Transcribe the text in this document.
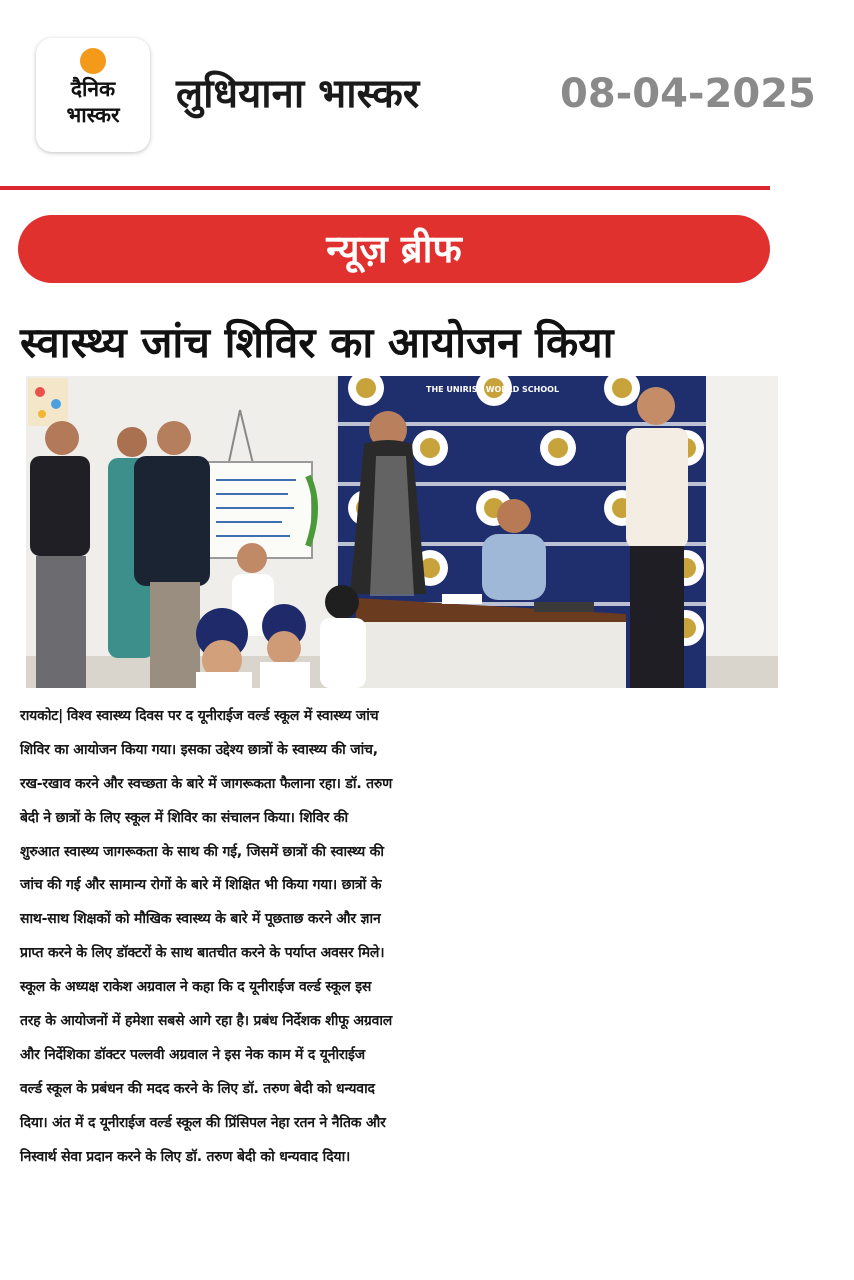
दैनिक
भास्कर	लुधियाना भास्कर	08-04-2025
न्यूज़ ब्रीफ
स्वास्थ्य जांच शिविर का आयोजन किया
THE UNIRISE WORLD SCHOOL
रायकोट| विश्व स्वास्थ्य दिवस पर द यूनीराईज वर्ल्ड स्कूल में स्वास्थ्य जांच
शिविर का आयोजन किया गया। इसका उद्देश्य छात्रों के स्वास्थ्य की जांच,
रख-रखाव करने और स्वच्छता के बारे में जागरूकता फैलाना रहा। डॉ. तरुण
बेदी ने छात्रों के लिए स्कूल में शिविर का संचालन किया। शिविर की
शुरुआत स्वास्थ्य जागरूकता के साथ की गई, जिसमें छात्रों की स्वास्थ्य की
जांच की गई और सामान्य रोगों के बारे में शिक्षित भी किया गया। छात्रों के
साथ-साथ शिक्षकों को मौखिक स्वास्थ्य के बारे में पूछताछ करने और ज्ञान
प्राप्त करने के लिए डॉक्टरों के साथ बातचीत करने के पर्याप्त अवसर मिले।
स्कूल के अध्यक्ष राकेश अग्रवाल ने कहा कि द यूनीराईज वर्ल्ड स्कूल इस
तरह के आयोजनों में हमेशा सबसे आगे रहा है। प्रबंध निर्देशक शीफू अग्रवाल
और निर्देशिका डॉक्टर पल्लवी अग्रवाल ने इस नेक काम में द यूनीराईज
वर्ल्ड स्कूल के प्रबंधन की मदद करने के लिए डॉ. तरुण बेदी को धन्यवाद
दिया। अंत में द यूनीराईज वर्ल्ड स्कूल की प्रिंसिपल नेहा रतन ने नैतिक और
निस्वार्थ सेवा प्रदान करने के लिए डॉ. तरुण बेदी को धन्यवाद दिया।
